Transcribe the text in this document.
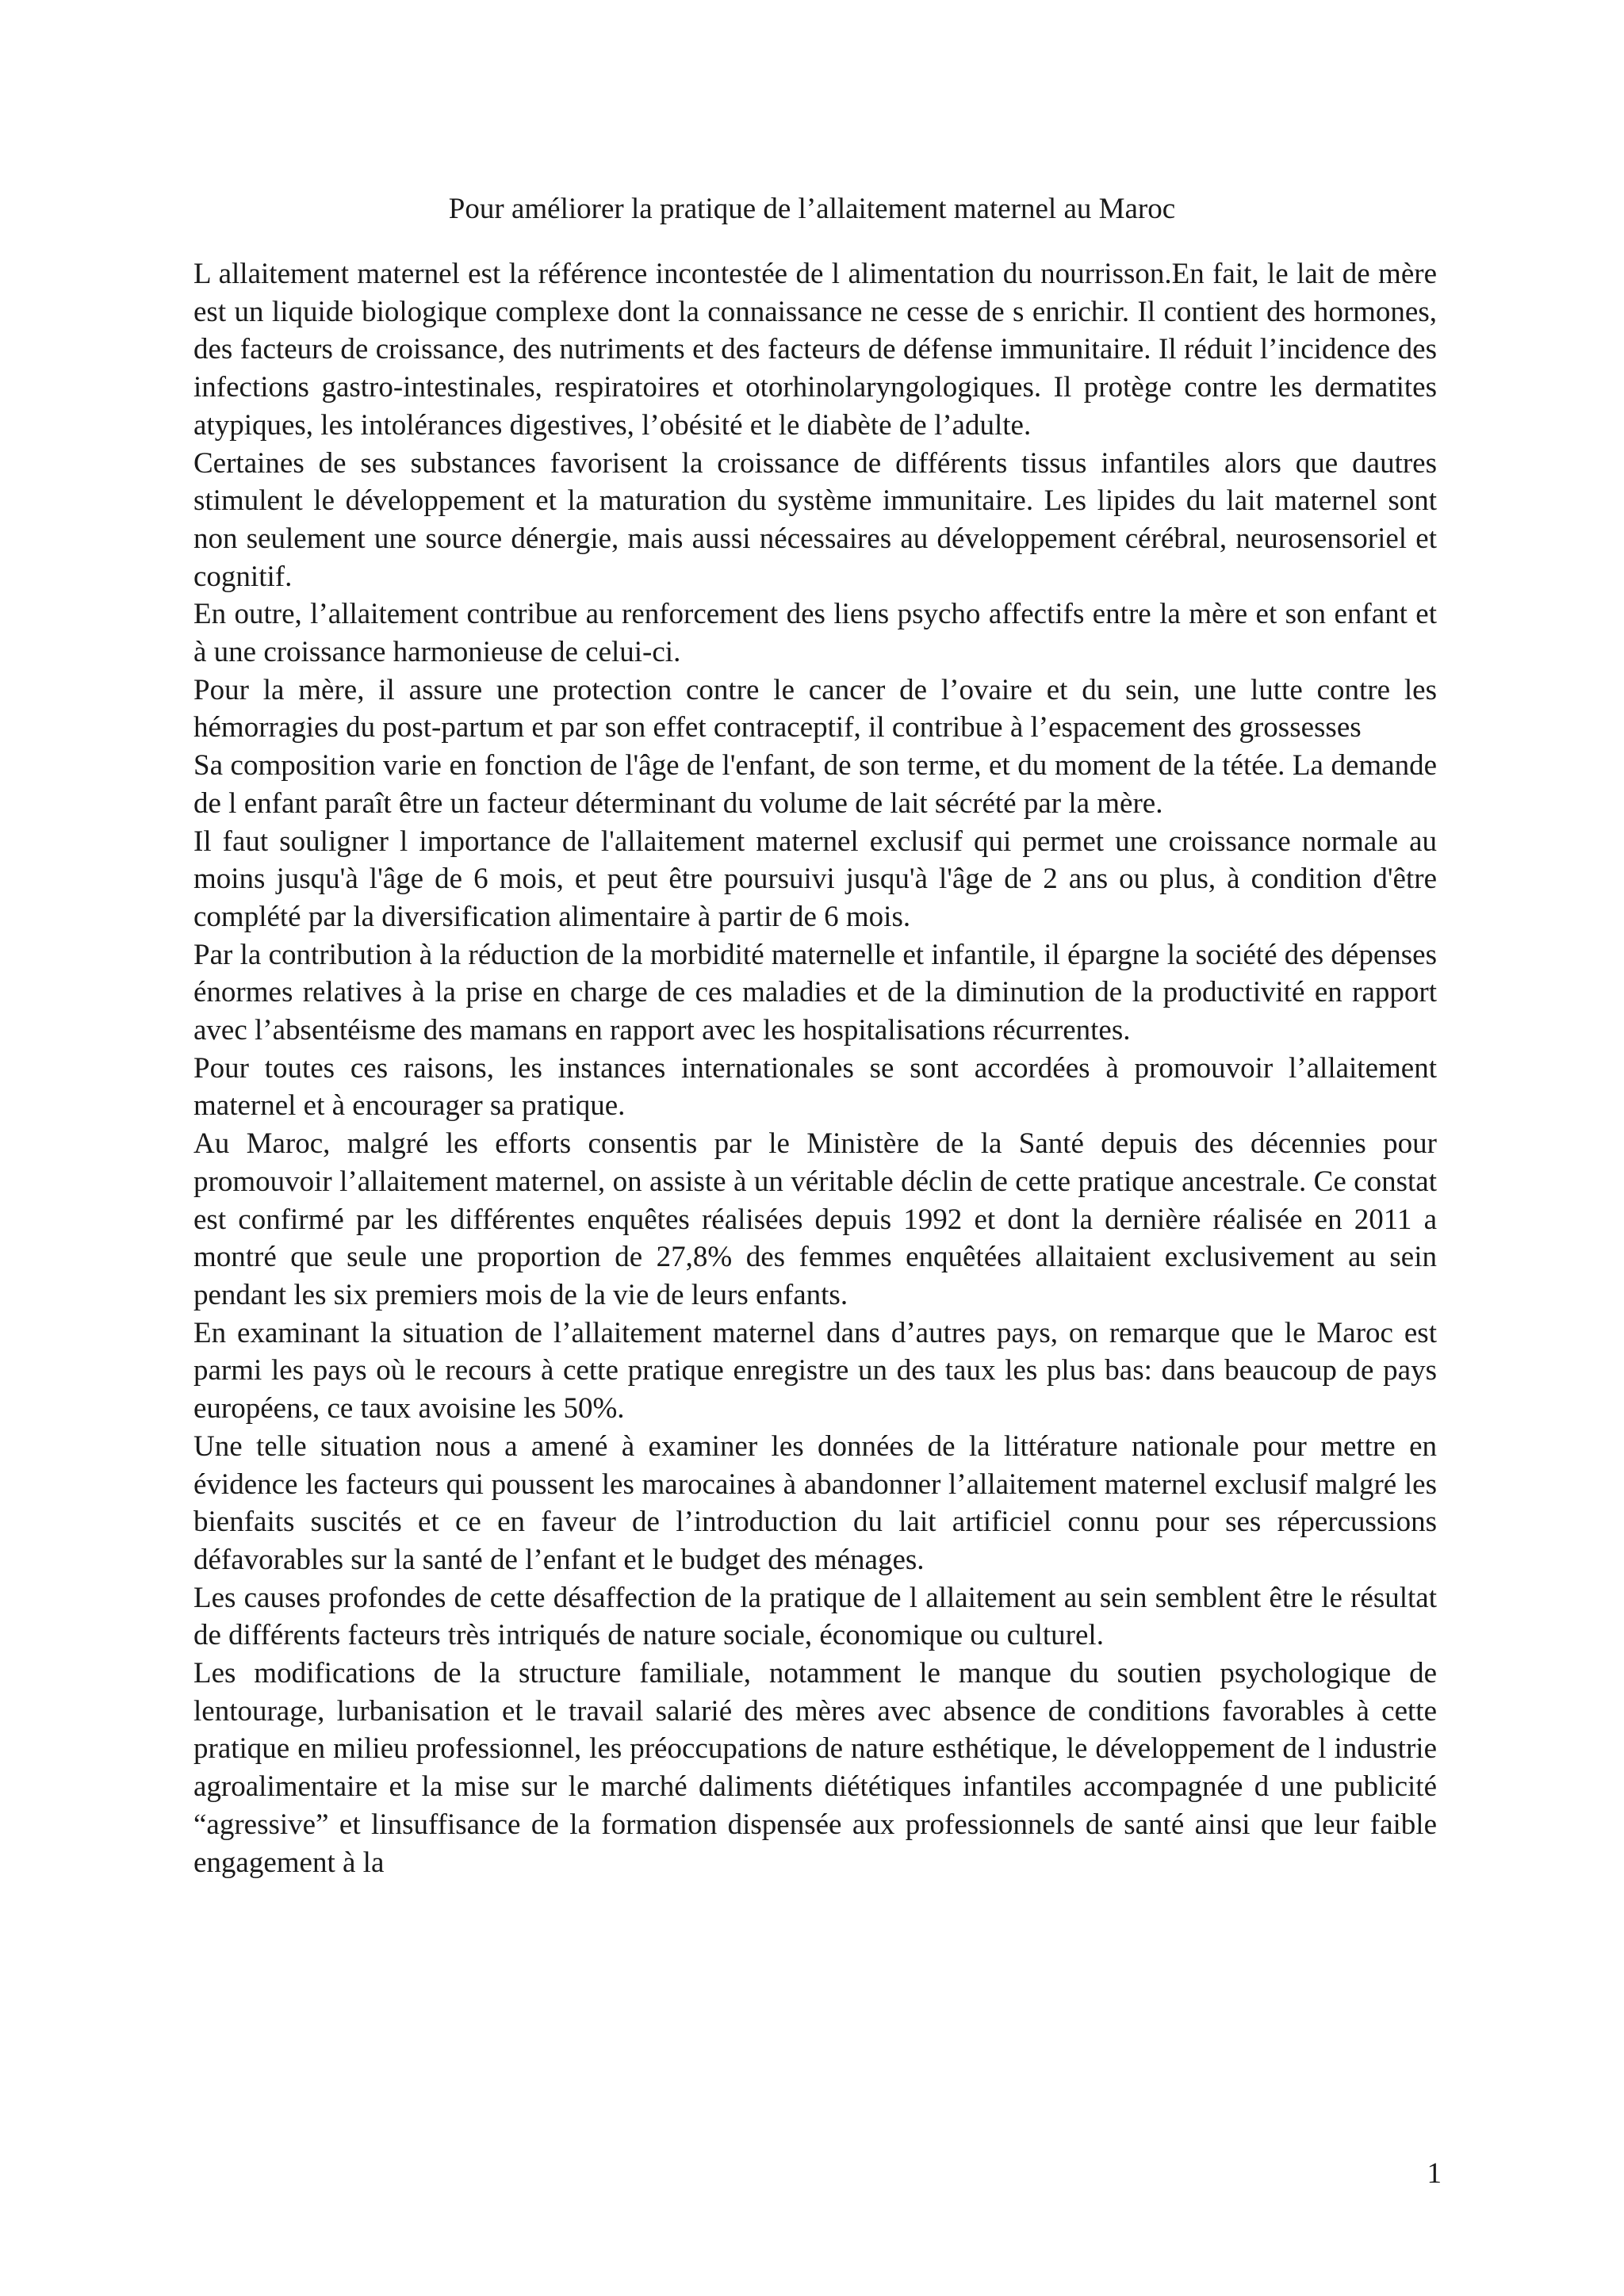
Pour améliorer la pratique de l’allaitement maternel au Maroc

L allaitement maternel est la référence incontestée de l alimentation du nourrisson.En fait, le lait de mère est un liquide biologique complexe dont la connaissance ne cesse de s enrichir. Il contient des hormones, des facteurs de croissance, des nutriments et des facteurs de défense immunitaire. Il réduit l’incidence des infections gastro-intestinales, respiratoires et otorhinolaryngologiques. Il protège contre les dermatites atypiques, les intolérances digestives, l’obésité et le diabète de l’adulte.

Certaines de ses substances favorisent la croissance de différents tissus infantiles alors que dautres stimulent le développement et la maturation du système immunitaire. Les lipides du lait maternel sont non seulement une source dénergie, mais aussi nécessaires au développement cérébral, neurosensoriel et cognitif.

En outre, l’allaitement contribue au renforcement des liens psycho affectifs entre la mère et son enfant et à une croissance harmonieuse de celui-ci.

Pour la mère, il assure une protection contre le cancer de l’ovaire et du sein, une lutte contre les hémorragies du post-partum et par son effet contraceptif, il contribue à l’espacement des grossesses

Sa composition varie en fonction de l'âge de l'enfant, de son terme, et du moment de la tétée. La demande de l enfant paraît être un facteur déterminant du volume de lait sécrété par la mère.

Il faut souligner l importance de l'allaitement maternel exclusif qui permet une croissance normale au moins jusqu'à l'âge de 6 mois, et peut être poursuivi jusqu'à l'âge de 2 ans ou plus, à condition d'être complété par la diversification alimentaire à partir de 6 mois.

Par la contribution à la réduction de la morbidité maternelle et infantile, il épargne la société des dépenses énormes relatives à la prise en charge de ces maladies et de la diminution de la productivité en rapport avec l’absentéisme des mamans en rapport avec les hospitalisations récurrentes.

Pour toutes ces raisons, les instances internationales se sont accordées à promouvoir l’allaitement maternel et à encourager sa pratique.

Au Maroc, malgré les efforts consentis par le Ministère de la Santé depuis des décennies pour promouvoir l’allaitement maternel, on assiste à un véritable déclin de cette pratique ancestrale. Ce constat est confirmé par les différentes enquêtes réalisées depuis 1992 et dont la dernière réalisée en 2011 a montré que seule une proportion de 27,8% des femmes enquêtées allaitaient exclusivement au sein pendant les six premiers mois de la vie de leurs enfants.

En examinant la situation de l’allaitement maternel dans d’autres pays, on remarque que le Maroc est parmi les pays où le recours à cette pratique enregistre un des taux les plus bas: dans beaucoup de pays européens, ce taux avoisine les 50%.

Une telle situation nous a amené à examiner les données de la littérature nationale pour mettre en évidence les facteurs qui poussent les marocaines à abandonner l’allaitement maternel exclusif malgré les bienfaits suscités et ce en faveur de l’introduction du lait artificiel connu pour ses répercussions défavorables sur la santé de l’enfant et le budget des ménages.

Les causes profondes de cette désaffection de la pratique de l allaitement au sein semblent être le résultat de différents facteurs très intriqués de nature sociale, économique ou culturel.

Les modifications de la structure familiale, notamment le manque du soutien psychologique de lentourage, lurbanisation et le travail salarié des mères avec absence de conditions favorables à cette pratique en milieu professionnel, les préoccupations de nature esthétique, le développement de l industrie agroalimentaire et la mise sur le marché daliments diététiques infantiles accompagnée d une publicité “agressive” et linsuffisance de la formation dispensée aux professionnels de santé ainsi que leur faible engagement à la

1
